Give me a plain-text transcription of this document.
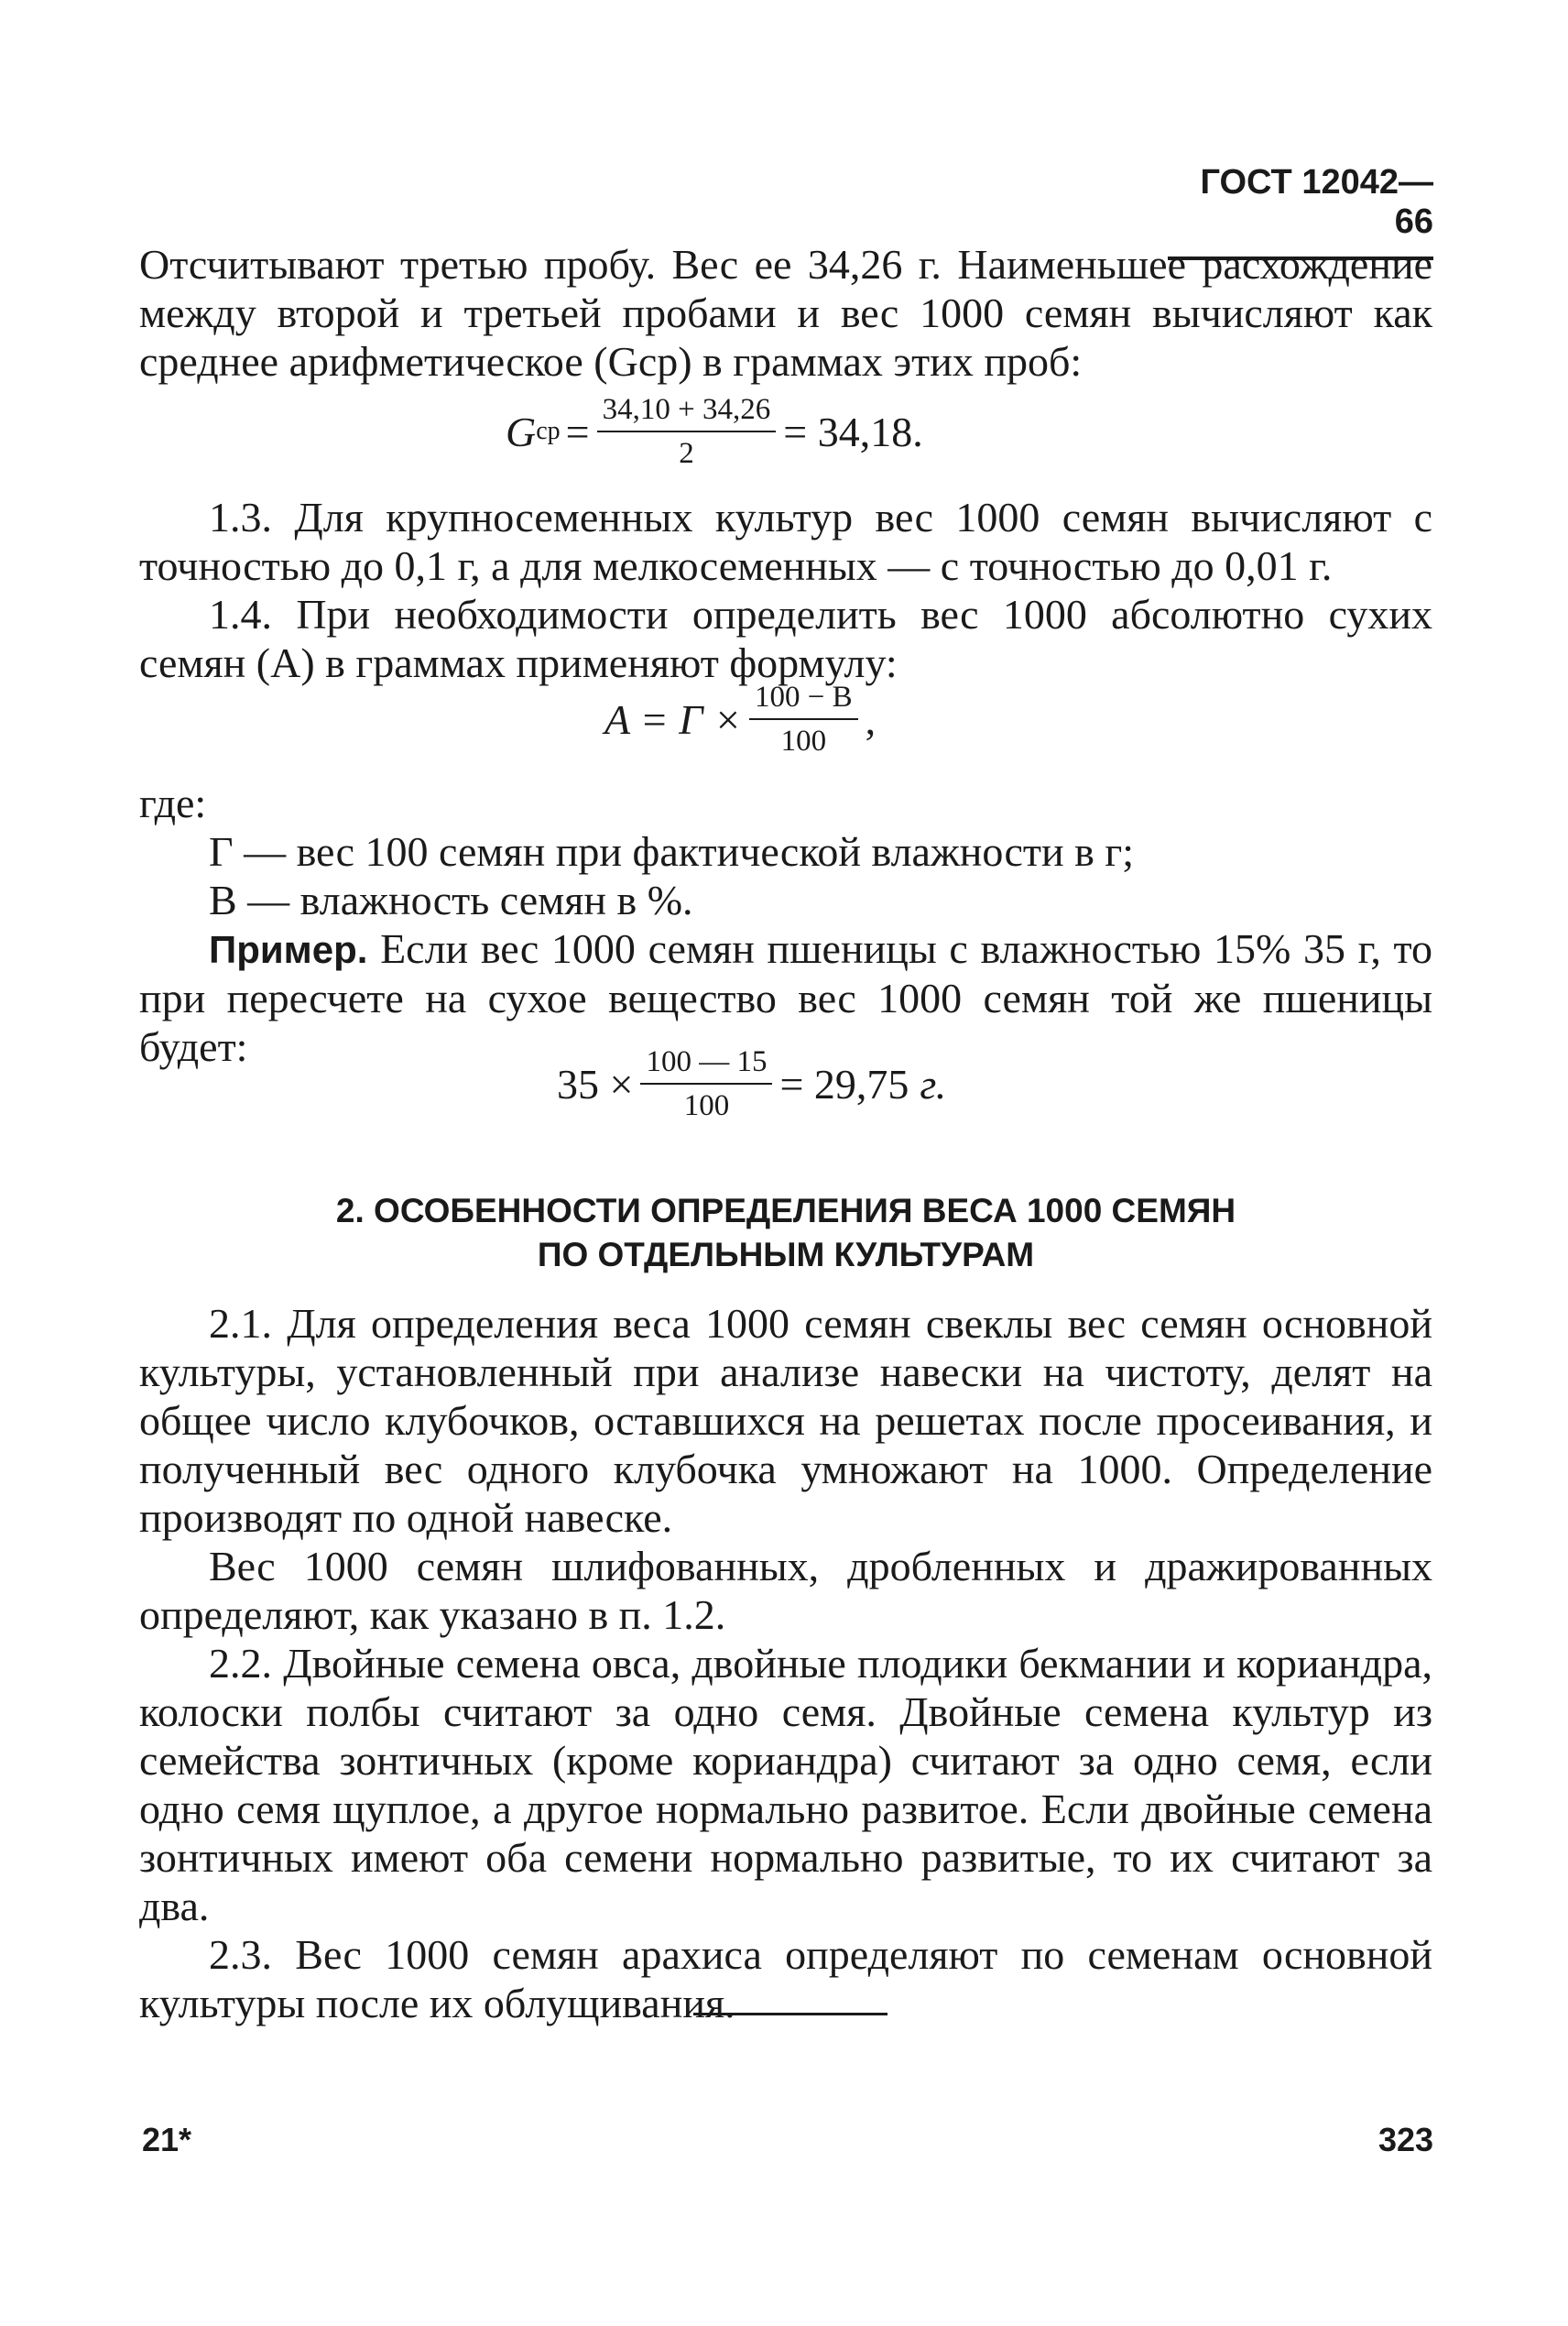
ГОСТ 12042—66

Отсчитывают третью пробу. Вес ее 34,26 г. Наименьшее расхождение между второй и третьей пробами и вес 1000 семян вычисляют как среднее арифметическое (Gср) в граммах этих проб:

G ср = $\frac{34,10 + 34,26}{2} = 34,18$.

1.3. Для крупносеменных культур вес 1000 семян вычисляют с точностью до 0,1 г, а для мелкосеменных — с точностью до 0,01 г.

1.4. При необходимости определить вес 1000 абсолютно сухих семян (А) в граммах применяют формулу:

$A = Г \times \frac{100 - B}{100}$ ,

где:

Г — вес 100 семян при фактической влажности в г;

В — влажность семян в %.

Пример. Если вес 1000 семян пшеницы с влажностью 15% 35 г, то при пересчете на сухое вещество вес 1000 семян той же пшеницы будет:

$35 \times \frac{100 — 15}{100} = 29,75$ г.
2. ОСОБЕННОСТИ ОПРЕДЕЛЕНИЯ ВЕСА 1000 СЕМЯН
ПО ОТДЕЛЬНЫМ КУЛЬТУРАМ

2.1. Для определения веса 1000 семян свеклы вес семян основной культуры, установленный при анализе навески на чистоту, делят на общее число клубочков, оставшихся на решетах после просеивания, и полученный вес одного клубочка умножают на 1000. Определение производят по одной навеске.

Вес 1000 семян шлифованных, дробленных и дражированных определяют, как указано в п. 1.2.

2.2. Двойные семена овса, двойные плодики бекмании и кориандра, колоски полбы считают за одно семя. Двойные семена культур из семейства зонтичных (кроме кориандра) считают за одно семя, если одно семя щуплое, а другое нормально развитое. Если двойные семена зонтичных имеют оба семени нормально развитые, то их считают за два.

2.3. Вес 1000 семян арахиса определяют по семенам основной культуры после их облущивания.

21*	323
